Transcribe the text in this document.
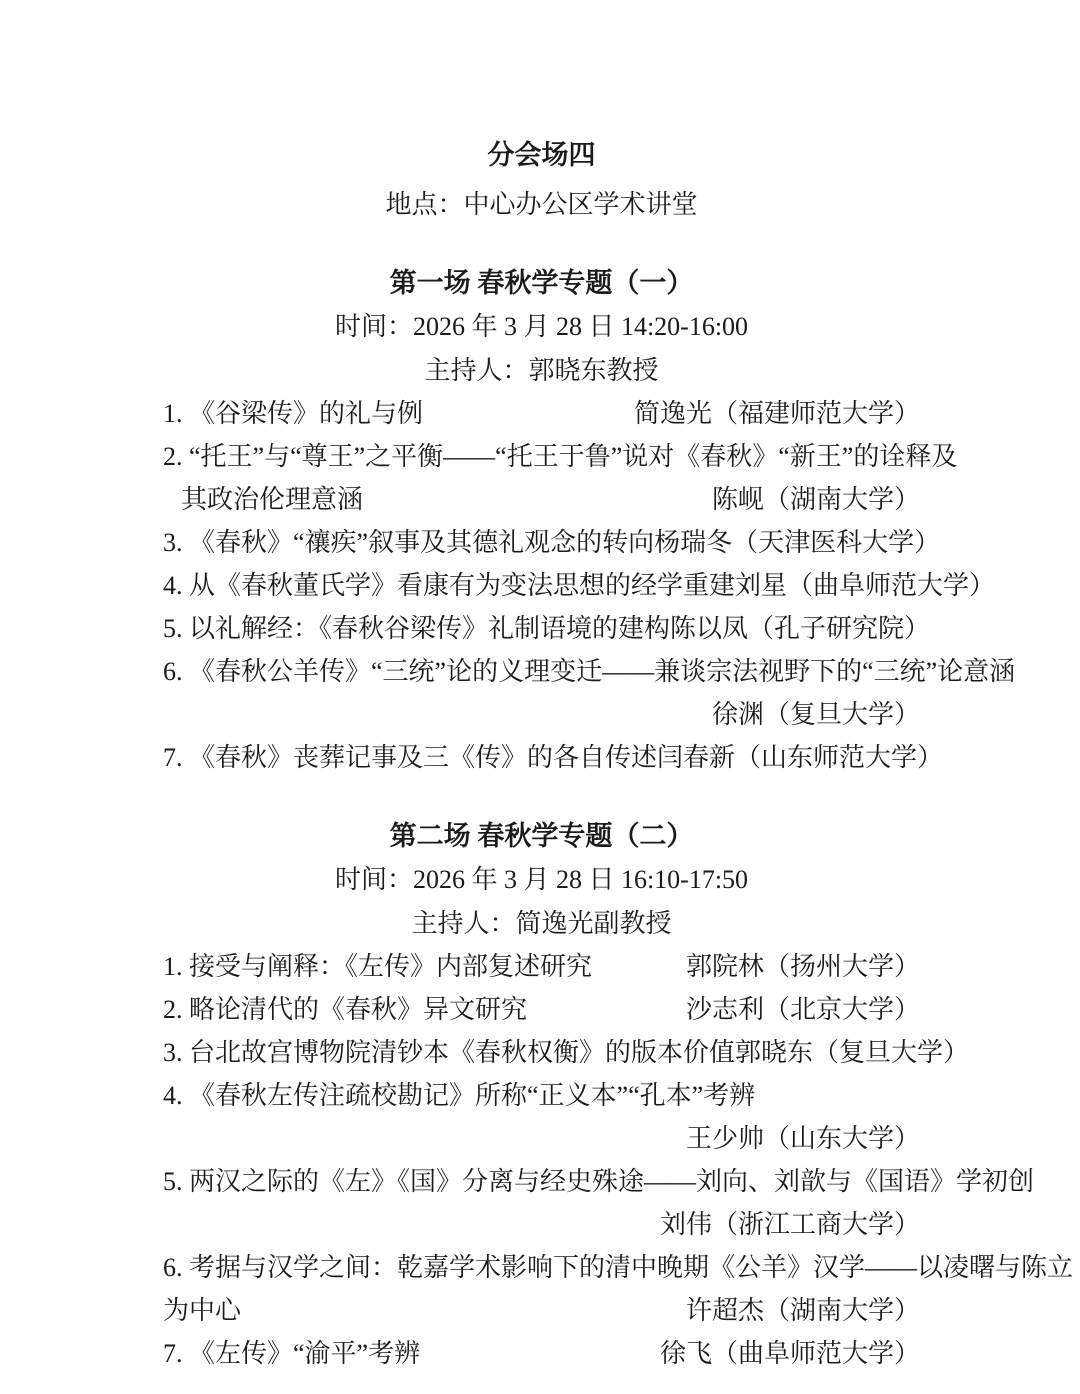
分会场四
地点：中心办公区学术讲堂
第一场 春秋学专题（一）
时间：2026 年 3 月 28 日 14:20-16:00
主持人：郭晓东教授
1. 《谷梁传》的礼与例	简逸光（福建师范大学）
2. “托王”与“尊王”之平衡——“托王于鲁”说对《春秋》“新王”的诠释及
其政治伦理意涵	陈岘（湖南大学）
3. 《春秋》“禳疾”叙事及其德礼观念的转向 杨瑞冬（天津医科大学）
4. 从《春秋董氏学》看康有为变法思想的经学重建 刘星（曲阜师范大学）
5. 以礼解经：《春秋谷梁传》礼制语境的建构 陈以凤（孔子研究院）
6. 《春秋公羊传》“三统”论的义理变迁——兼谈宗法视野下的“三统”论意涵
徐渊（复旦大学）
7. 《春秋》丧葬记事及三《传》的各自传述 闫春新（山东师范大学）
第二场 春秋学专题（二）
时间：2026 年 3 月 28 日 16:10-17:50
主持人：简逸光副教授
1. 接受与阐释：《左传》内部复述研究	郭院林（扬州大学）
2. 略论清代的《春秋》异文研究	沙志利（北京大学）
3. 台北故宫博物院清钞本《春秋权衡》的版本价值 郭晓东（复旦大学）
4. 《春秋左传注疏校勘记》所称“正义本”“孔本”考辨
王少帅（山东大学）
5. 两汉之际的《左》《国》分离与经史殊途——刘向、刘歆与《国语》学初创
刘伟（浙江工商大学）
6. 考据与汉学之间：乾嘉学术影响下的清中晚期《公羊》汉学——以凌曙与陈立
为中心	许超杰（湖南大学）
7. 《左传》“渝平”考辨	徐飞（曲阜师范大学）
